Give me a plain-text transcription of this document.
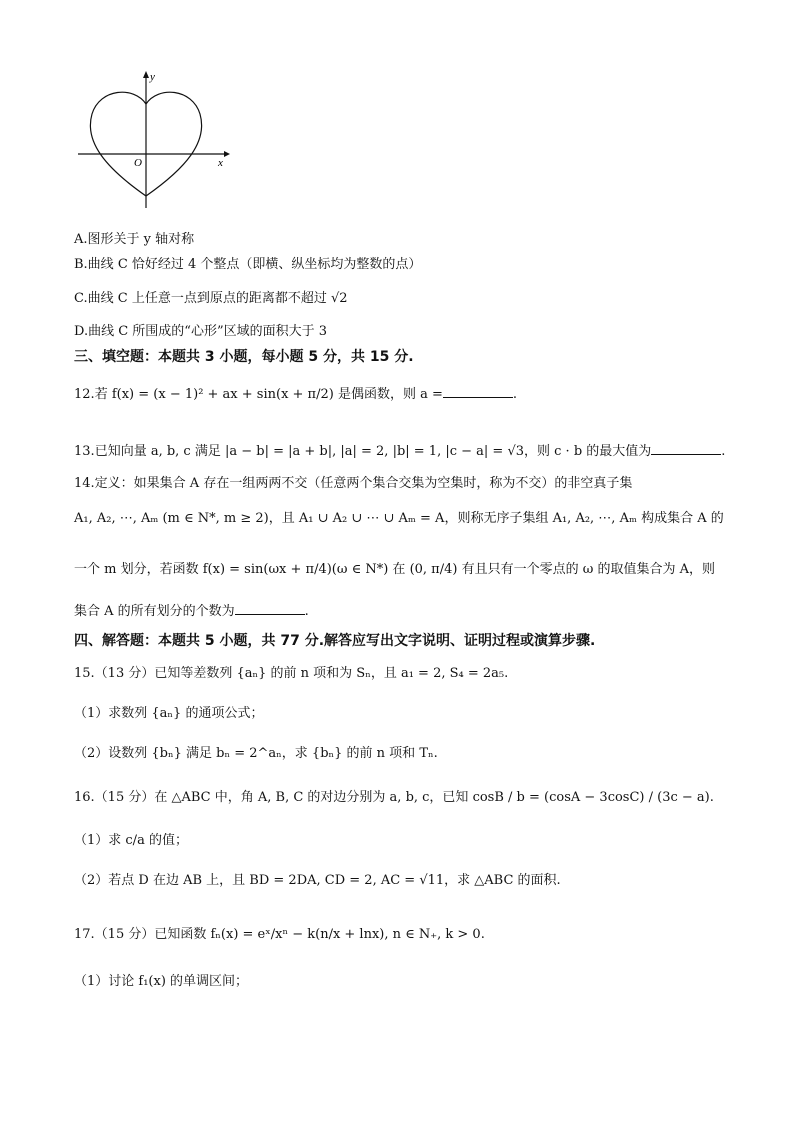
y
x
O
A.图形关于 y 轴对称
B.曲线 C 恰好经过 4 个整点（即横、纵坐标均为整数的点）
C.曲线 C 上任意一点到原点的距离都不超过 √2
D.曲线 C 所围成的“心形”区域的面积大于 3
三、填空题：本题共 3 小题，每小题 5 分，共 15 分.
12.若 f(x) = (x − 1)² + ax + sin(x + π/2) 是偶函数，则 a =	.
13.已知向量 a, b, c 满足 |a − b| = |a + b|, |a| = 2, |b| = 1, |c − a| = √3，则 c · b 的最大值为	.
14.定义：如果集合 A 存在一组两两不交（任意两个集合交集为空集时，称为不交）的非空真子集
A₁, A₂, ⋯, Aₘ (m ∈ N*, m ≥ 2)，且 A₁ ∪ A₂ ∪ ⋯ ∪ Aₘ = A，则称无序子集组 A₁, A₂, ⋯, Aₘ 构成集合 A 的
一个 m 划分，若函数 f(x) = sin(ωx + π/4)(ω ∈ N*) 在 (0, π/4) 有且只有一个零点的 ω 的取值集合为 A，则
集合 A 的所有划分的个数为	.
四、解答题：本题共 5 小题，共 77 分.解答应写出文字说明、证明过程或演算步骤.
15.（13 分）已知等差数列 {aₙ} 的前 n 项和为 Sₙ，且 a₁ = 2, S₄ = 2a₅.
（1）求数列 {aₙ} 的通项公式；
（2）设数列 {bₙ} 满足 bₙ = 2^aₙ，求 {bₙ} 的前 n 项和 Tₙ.
16.（15 分）在 △ABC 中，角 A, B, C 的对边分别为 a, b, c，已知 cosB / b = (cosA − 3cosC) / (3c − a).
（1）求 c/a 的值；
（2）若点 D 在边 AB 上，且 BD = 2DA, CD = 2, AC = √11，求 △ABC 的面积.
17.（15 分）已知函数 fₙ(x) = eˣ/xⁿ − k(n/x + lnx), n ∈ N₊, k > 0.
（1）讨论 f₁(x) 的单调区间；
